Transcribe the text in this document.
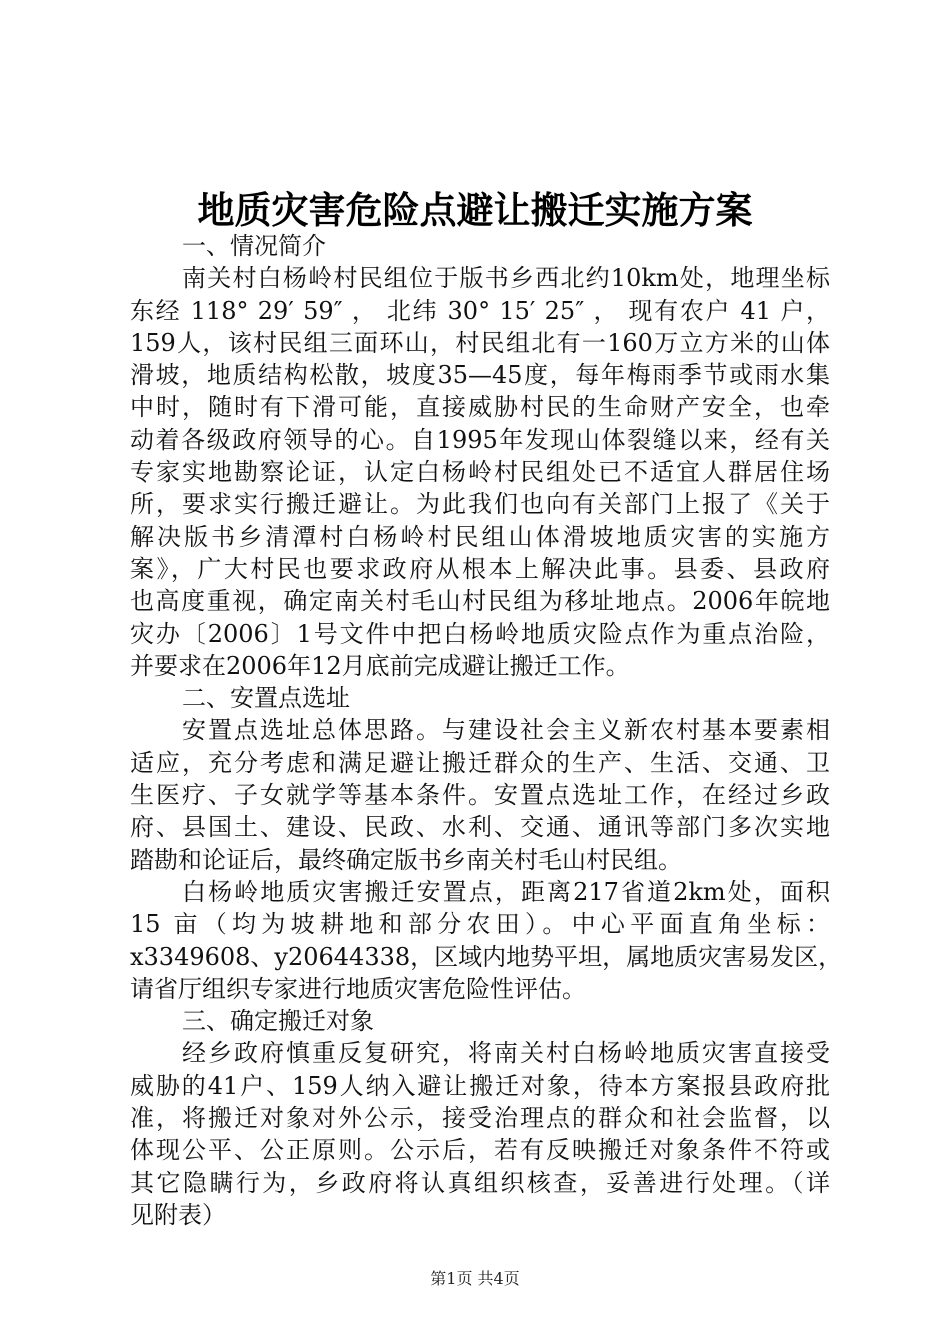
地质灾害危险点避让搬迁实施方案
一、情况简介
南关村白杨岭村民组位于版书乡西北约10km处，地理坐标
东经 118° 29′ 59″ ， 北纬 30° 15′ 25″ ， 现有农户 41 户，
159人，该村民组三面环山，村民组北有一160万立方米的山体
滑坡，地质结构松散，坡度35—45度，每年梅雨季节或雨水集
中时，随时有下滑可能，直接威胁村民的生命财产安全，也牵
动着各级政府领导的心。自1995年发现山体裂缝以来，经有关
专家实地勘察论证，认定白杨岭村民组处已不适宜人群居住场
所，要求实行搬迁避让。为此我们也向有关部门上报了《关于
解决版书乡清潭村白杨岭村民组山体滑坡地质灾害的实施方
案》，广大村民也要求政府从根本上解决此事。县委、县政府
也高度重视，确定南关村毛山村民组为移址地点。2006年皖地
灾办〔2006〕1号文件中把白杨岭地质灾险点作为重点治险，
并要求在2006年12月底前完成避让搬迁工作。
二、安置点选址
安置点选址总体思路。与建设社会主义新农村基本要素相
适应，充分考虑和满足避让搬迁群众的生产、生活、交通、卫
生医疗、子女就学等基本条件。安置点选址工作，在经过乡政
府、县国土、建设、民政、水利、交通、通讯等部门多次实地
踏勘和论证后，最终确定版书乡南关村毛山村民组。
白杨岭地质灾害搬迁安置点，距离217省道2km处，面积
15 亩（均为坡耕地和部分农田）。中心平面直角坐标：
x3349608、y20644338，区域内地势平坦，属地质灾害易发区，
请省厅组织专家进行地质灾害危险性评估。
三、确定搬迁对象
经乡政府慎重反复研究，将南关村白杨岭地质灾害直接受
威胁的41户、159人纳入避让搬迁对象，待本方案报县政府批
准，将搬迁对象对外公示，接受治理点的群众和社会监督，以
体现公平、公正原则。公示后，若有反映搬迁对象条件不符或
其它隐瞒行为，乡政府将认真组织核查，妥善进行处理。（详
见附表）
第1页 共4页
